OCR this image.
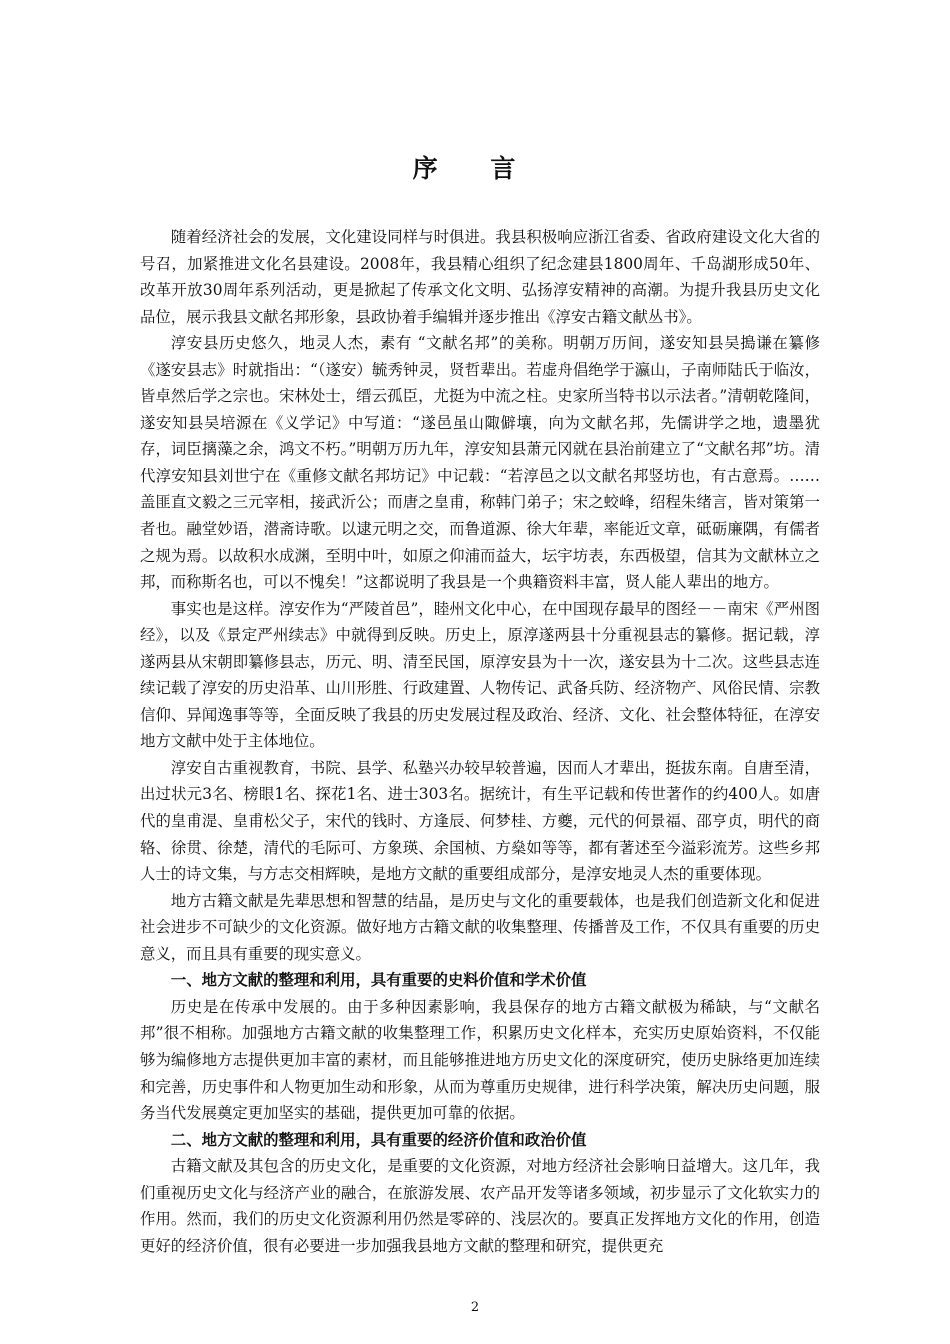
序 言

随着经济社会的发展，文化建设同样与时俱进。我县积极响应浙江省委、省政府建设文化大省的号召，加紧推进文化名县建设。2008年，我县精心组织了纪念建县1800周年、千岛湖形成50年、改革开放30周年系列活动，更是掀起了传承文化文明、弘扬淳安精神的高潮。为提升我县历史文化品位，展示我县文献名邦形象，县政协着手编辑并逐步推出《淳安古籍文献丛书》。

淳安县历史悠久，地灵人杰，素有 “文献名邦”的美称。明朝万历间，遂安知县吴搗谦在纂修《遂安县志》时就指出：“（遂安）毓秀钟灵，贤哲辈出。若虚舟倡绝学于瀛山，子南师陆氏于临汝，皆卓然后学之宗也。宋林处士，缙云孤臣，尤挺为中流之柱。史家所当特书以示法者。”清朝乾隆间，遂安知县吴培源在《义学记》中写道：“遂邑虽山陬僻壤，向为文献名邦，先儒讲学之地，遗墨犹存，词臣摛藻之余，鸿文不朽。”明朝万历九年，淳安知县萧元冈就在县治前建立了“文献名邦”坊。清代淳安知县刘世宁在《重修文献名邦坊记》中记载：“若淳邑之以文献名邦竖坊也，有古意焉。……盖匪直文毅之三元宰相，接武沂公；而唐之皇甫，称韩门弟子；宋之蛟峰，绍程朱绪言，皆对策第一者也。融堂妙语，潜斋诗歌。以逮元明之交，而鲁道源、徐大年辈，率能近文章，砥砺廉隅，有儒者之规为焉。以故积水成渊，至明中叶，如原之仰浦而益大，坛宇坊表，东西极望，信其为文献林立之邦，而称斯名也，可以不愧矣！”这都说明了我县是一个典籍资料丰富，贤人能人辈出的地方。

事实也是这样。淳安作为“严陵首邑”，睦州文化中心，在中国现存最早的图经－－南宋《严州图经》，以及《景定严州续志》中就得到反映。历史上，原淳遂两县十分重视县志的纂修。据记载，淳遂两县从宋朝即纂修县志，历元、明、清至民国，原淳安县为十一次，遂安县为十二次。这些县志连续记载了淳安的历史沿革、山川形胜、行政建置、人物传记、武备兵防、经济物产、风俗民情、宗教信仰、异闻逸事等等，全面反映了我县的历史发展过程及政治、经济、文化、社会整体特征，在淳安地方文献中处于主体地位。

淳安自古重视教育，书院、县学、私塾兴办较早较普遍，因而人才辈出，挺拔东南。自唐至清，出过状元3名、榜眼1名、探花1名、进士303名。据统计，有生平记载和传世著作的约400人。如唐代的皇甫湜、皇甫松父子，宋代的钱时、方逢辰、何梦桂、方夔，元代的何景福、邵亨贞，明代的商辂、徐贯、徐楚，清代的毛际可、方象瑛、余国桢、方燊如等等，都有著述至今溢彩流芳。这些乡邦人士的诗文集，与方志交相辉映，是地方文献的重要组成部分，是淳安地灵人杰的重要体现。

地方古籍文献是先辈思想和智慧的结晶，是历史与文化的重要载体，也是我们创造新文化和促进社会进步不可缺少的文化资源。做好地方古籍文献的收集整理、传播普及工作，不仅具有重要的历史意义，而且具有重要的现实意义。

一、地方文献的整理和利用，具有重要的史料价值和学术价值

历史是在传承中发展的。由于多种因素影响，我县保存的地方古籍文献极为稀缺，与“文献名邦”很不相称。加强地方古籍文献的收集整理工作，积累历史文化样本，充实历史原始资料，不仅能够为编修地方志提供更加丰富的素材，而且能够推进地方历史文化的深度研究，使历史脉络更加连续和完善，历史事件和人物更加生动和形象，从而为尊重历史规律，进行科学决策，解决历史问题，服务当代发展奠定更加坚实的基础，提供更加可靠的依据。

二、地方文献的整理和利用，具有重要的经济价值和政治价值

古籍文献及其包含的历史文化，是重要的文化资源，对地方经济社会影响日益增大。这几年，我们重视历史文化与经济产业的融合，在旅游发展、农产品开发等诸多领域，初步显示了文化软实力的作用。然而，我们的历史文化资源利用仍然是零碎的、浅层次的。要真正发挥地方文化的作用，创造更好的经济价值，很有必要进一步加强我县地方文献的整理和研究，提供更充

2
